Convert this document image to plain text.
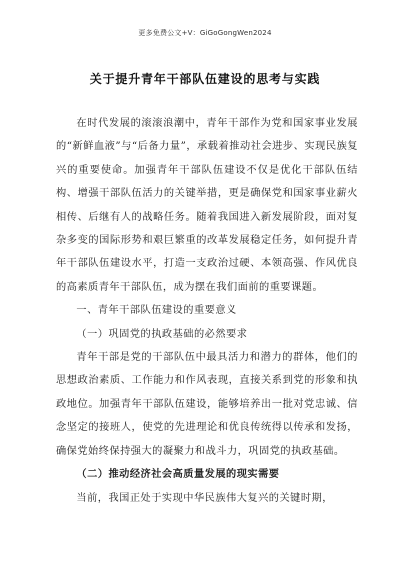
更多免费公文+V：GiGoGongWen2024
关于提升青年干部队伍建设的思考与实践

在时代发展的滚滚浪潮中，青年干部作为党和国家事业发展的“新鲜血液”与“后备力量”，承载着推动社会进步、实现民族复兴的重要使命。加强青年干部队伍建设不仅是优化干部队伍结构、增强干部队伍活力的关键举措，更是确保党和国家事业薪火相传、后继有人的战略任务。随着我国进入新发展阶段，面对复杂多变的国际形势和艰巨繁重的改革发展稳定任务，如何提升青年干部队伍建设水平，打造一支政治过硬、本领高强、作风优良的高素质青年干部队伍，成为摆在我们面前的重要课题。

一、青年干部队伍建设的重要意义

（一）巩固党的执政基础的必然要求

青年干部是党的干部队伍中最具活力和潜力的群体，他们的思想政治素质、工作能力和作风表现，直接关系到党的形象和执政地位。加强青年干部队伍建设，能够培养出一批对党忠诚、信念坚定的接班人，使党的先进理论和优良传统得以传承和发扬，确保党始终保持强大的凝聚力和战斗力，巩固党的执政基础。

（二）推动经济社会高质量发展的现实需要

当前，我国正处于实现中华民族伟大复兴的关键时期，
